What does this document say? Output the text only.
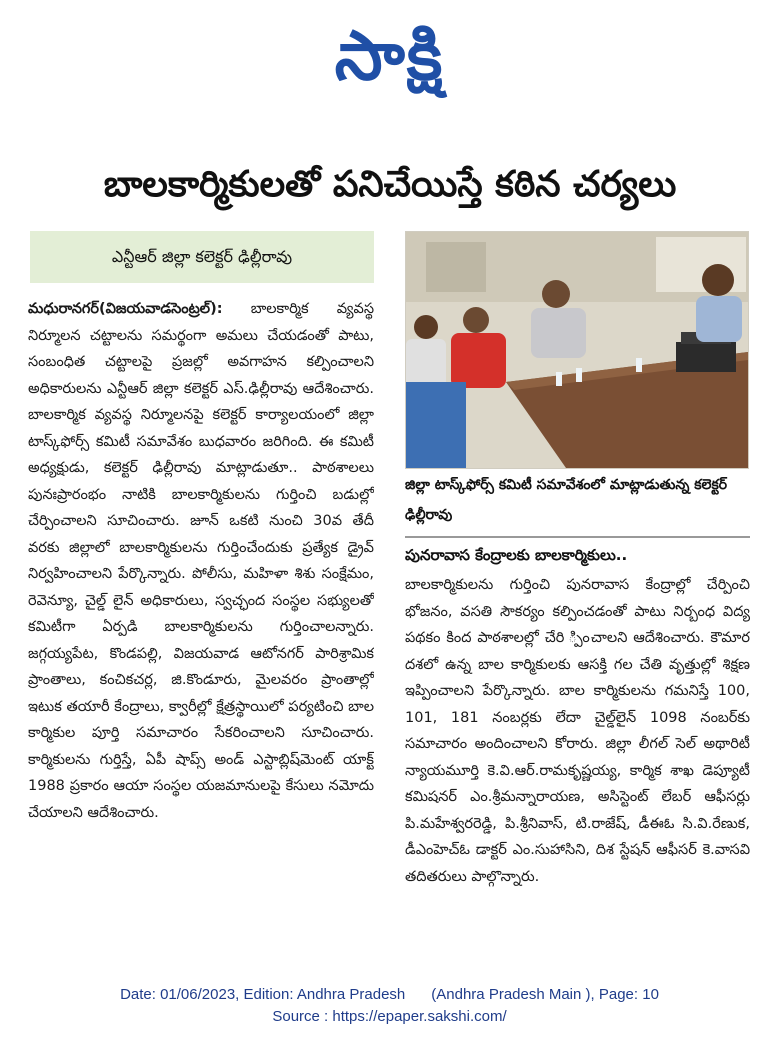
సాక్షి
బాలకార్మికులతో పనిచేయిస్తే కఠిన చర్యలు
ఎన్టీఆర్ జిల్లా కలెక్టర్ ఢిల్లీరావు
మధురానగర్(విజయవాడసెంట్రల్): బాలకార్మిక వ్యవస్థ నిర్మూలన చట్టాలను సమర్థంగా అమలు చేయడంతో పాటు, సంబంధిత చట్టాలపై ప్రజల్లో అవగాహన కల్పించాలని అధికారులను ఎన్టీఆర్ జిల్లా కలెక్టర్ ఎస్.ఢిల్లీరావు ఆదేశించారు. బాలకార్మిక వ్యవస్థ నిర్మూలనపై కలెక్టర్ కార్యాలయంలో జిల్లా టాస్క్‌ఫోర్స్ కమిటీ సమావేశం బుధవారం జరిగింది. ఈ కమిటీ అధ్యక్షుడు, కలెక్టర్ ఢిల్లీరావు మాట్లాడుతూ.. పాఠశాలలు పునఃప్రారంభం నాటికి బాలకార్మికులను గుర్తించి బడుల్లో చేర్పించాలని సూచించారు. జూన్ ఒకటి నుంచి 30వ తేదీ వరకు జిల్లాలో బాలకార్మికులను గుర్తించేందుకు ప్రత్యేక డ్రైవ్ నిర్వహించాలని పేర్కొన్నారు. పోలీసు, మహిళా శిశు సంక్షేమం, రెవెన్యూ, చైల్డ్ లైన్ అధికారులు, స్వచ్ఛంద సంస్థల సభ్యులతో కమిటీగా ఏర్పడి బాలకార్మికులను గుర్తించాలన్నారు. జగ్గయ్యపేట, కొండపల్లి, విజయవాడ ఆటోనగర్ పారిశ్రామిక ప్రాంతాలు, కంచికచర్ల, జి.కొండూరు, మైలవరం ప్రాంతాల్లో ఇటుక తయారీ కేంద్రాలు, క్వారీల్లో క్షేత్రస్థాయిలో పర్యటించి బాల కార్మికుల పూర్తి సమాచారం సేకరించాలని సూచించారు. కార్మికులను గుర్తిస్తే, ఏపీ షాప్స్ అండ్ ఎస్టాబ్లిష్‌మెంట్ యాక్ట్ 1988 ప్రకారం ఆయా సంస్థల యజమానులపై కేసులు నమోదు చేయాలని ఆదేశించారు.
జిల్లా టాస్క్‌ఫోర్స్ కమిటీ సమావేశంలో మాట్లాడుతున్న కలెక్టర్ ఢిల్లీరావు
పునరావాస కేంద్రాలకు బాలకార్మికులు..
బాలకార్మికులను గుర్తించి పునరావాస కేంద్రాల్లో చేర్పించి భోజనం, వసతి సౌకర్యం కల్పించడంతో పాటు నిర్బంధ విద్య పథకం కింద పాఠశాలల్లో చేరి ్పించాలని ఆదేశించారు. కౌమార దశలో ఉన్న బాల కార్మికులకు ఆసక్తి గల చేతి వృత్తుల్లో శిక్షణ ఇప్పించాలని పేర్కొన్నారు. బాల కార్మికులను గమనిస్తే 100, 101, 181 నంబర్లకు లేదా చైల్డ్‌లైన్ 1098 నంబర్‌కు సమాచారం అందించాలని కోరారు. జిల్లా లీగల్ సెల్ అథారిటీ న్యాయమూర్తి కె.వి.ఆర్.రామకృష్ణయ్య, కార్మిక శాఖ డెప్యూటీ కమిషనర్ ఎం.శ్రీమన్నారాయణ, అసిస్టెంట్ లేబర్ ఆఫీసర్లు పి.మహేశ్వరరెడ్డి, పి.శ్రీనివాస్, టి.రాజేష్, డీఈఓ సి.వి.రేణుక, డీఎంహెచ్ఓ డాక్టర్ ఎం.సుహాసిని, దిశ స్టేషన్ ఆఫీసర్ కె.వాసవి తదితరులు పాల్గొన్నారు.
Date: 01/06/2023, Edition: Andhra Pradesh (Andhra Pradesh Main ), Page: 10
Source : https://epaper.sakshi.com/
